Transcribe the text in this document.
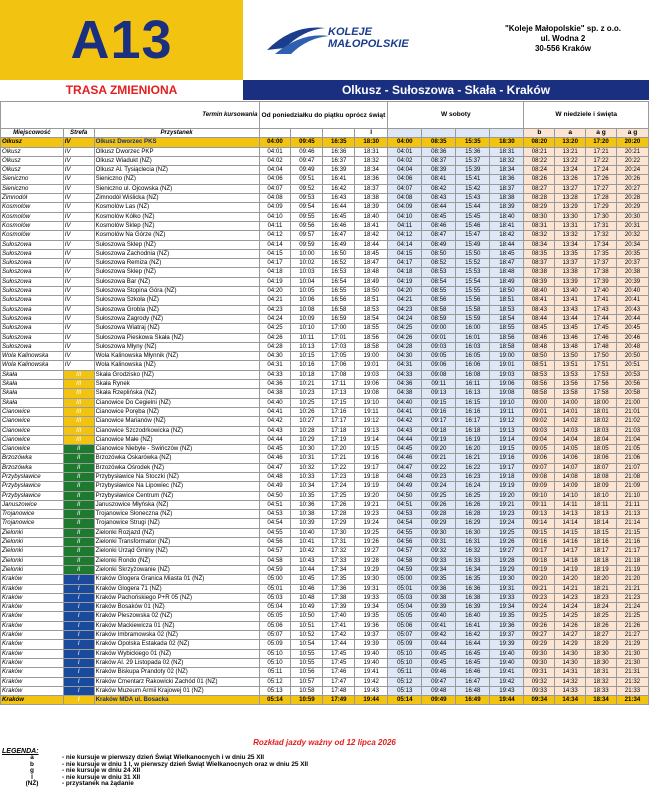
A13	KOLEJE MAŁOPOLSKIE
"Koleje Małopolskie" sp. z o.o.
ul. Wodna 2
30-556 Kraków
TRASA ZMIENIONA	Olkusz - Sułoszowa - Skała - Kraków
Termin kursowania			Od poniedziałku do piątku oprócz świąt				W soboty				W niedziele i święta			
Miejscowość	Strefa	Przystanek				l					b	a	a g	a g
Olkusz	IV	Olkusz Dworzec PKS	04:00	09:45	16:35	18:30	04:00	08:35	15:35	18:30	08:20	13:20	17:20	20:20
Olkusz	IV	Olkusz Dworzec PKP	04:01	09:46	16:36	18:31	04:01	08:36	15:36	18:31	08:21	13:21	17:21	20:21
Olkusz	IV	Olkusz Wiadukt (NŻ)	04:02	09:47	16:37	18:32	04:02	08:37	15:37	18:32	08:22	13:22	17:22	20:22
Olkusz	IV	Olkusz Al. Tysiąclecia (NŻ)	04:04	09:49	16:39	18:34	04:04	08:39	15:39	18:34	08:24	13:24	17:24	20:24
Sieniczno	IV	Sieniczno (NŻ)	04:06	09:51	16:41	18:36	04:06	08:41	15:41	18:36	08:26	13:26	17:26	20:26
Sieniczno	IV	Sieniczno ul. Ojcowska (NŻ)	04:07	09:52	16:42	18:37	04:07	08:42	15:42	18:37	08:27	13:27	17:27	20:27
Zimnodół	IV	Zimnodół Wiślicka (NŻ)	04:08	09:53	16:43	18:38	04:08	08:43	15:43	18:38	08:28	13:28	17:28	20:28
Kosmolów	IV	Kosmolów Las (NŻ)	04:09	09:54	16:44	18:39	04:09	08:44	15:44	18:39	08:29	13:29	17:29	20:29
Kosmolów	IV	Kosmolów Kółko (NŻ)	04:10	09:55	16:45	18:40	04:10	08:45	15:45	18:40	08:30	13:30	17:30	20:30
Kosmolów	IV	Kosmolów Sklep (NŻ)	04:11	09:56	16:46	18:41	04:11	08:46	15:46	18:41	08:31	13:31	17:31	20:31
Kosmolów	IV	Kosmolów Na Górze (NŻ)	04:12	09:57	16:47	18:42	04:12	08:47	15:47	18:42	08:32	13:32	17:32	20:32
Sułoszowa	IV	Sułoszowa Sklep (NŻ)	04:14	09:59	16:49	18:44	04:14	08:49	15:49	18:44	08:34	13:34	17:34	20:34
Sułoszowa	IV	Sułoszowa Zachodnia (NŻ)	04:15	10:00	16:50	18:45	04:15	08:50	15:50	18:45	08:35	13:35	17:35	20:35
Sułoszowa	IV	Sułoszowa Remiza (NŻ)	04:17	10:02	16:52	18:47	04:17	08:52	15:52	18:47	08:37	13:37	17:37	20:37
Sułoszowa	IV	Sułoszowa Sklep (NŻ)	04:18	10:03	16:53	18:48	04:18	08:53	15:53	18:48	08:38	13:38	17:38	20:38
Sułoszowa	IV	Sułoszowa Bar (NŻ)	04:19	10:04	16:54	18:49	04:19	08:54	15:54	18:49	08:39	13:39	17:39	20:39
Sułoszowa	IV	Sułoszowa Stopina Góra (NŻ)	04:20	10:05	16:55	18:50	04:20	08:55	15:55	18:50	08:40	13:40	17:40	20:40
Sułoszowa	IV	Sułoszowa Szkoła (NŻ)	04:21	10:06	16:56	18:51	04:21	08:56	15:56	18:51	08:41	13:41	17:41	20:41
Sułoszowa	IV	Sułoszowa Grobla (NŻ)	04:23	10:08	16:58	18:53	04:23	08:58	15:58	18:53	08:43	13:43	17:43	20:43
Sułoszowa	IV	Sułoszowa Zagrody (NŻ)	04:24	10:09	16:59	18:54	04:24	08:59	15:59	18:54	08:44	13:44	17:44	20:44
Sułoszowa	IV	Sułoszowa Wiatraj (NŻ)	04:25	10:10	17:00	18:55	04:25	09:00	16:00	18:55	08:45	13:45	17:45	20:45
Sułoszowa	IV	Sułoszowa Pieskowa Skała (NŻ)	04:26	10:11	17:01	18:56	04:26	09:01	16:01	18:56	08:46	13:46	17:46	20:46
Sułoszowa	IV	Sułoszowa Młyny (NŻ)	04:28	10:13	17:03	18:58	04:28	09:03	16:03	18:58	08:48	13:48	17:48	20:48
Wola Kalinowska	IV	Wola Kalinowska Młynnik (NŻ)	04:30	10:15	17:05	19:00	04:30	09:05	16:05	19:00	08:50	13:50	17:50	20:50
Wola Kalinowska	IV	Wola Kalinowska (NŻ)	04:31	10:16	17:06	19:01	04:31	09:06	16:06	19:01	08:51	13:51	17:51	20:51
Skała	III	Skała Grodzisko (NŻ)	04:33	10:18	17:08	19:03	04:33	09:08	16:08	19:03	08:53	13:53	17:53	20:53
Skała	III	Skała Rynek	04:36	10:21	17:11	19:06	04:36	09:11	16:11	19:06	08:56	13:56	17:56	20:56
Skała	III	Skała Rzeplińska (NŻ)	04:38	10:23	17:13	19:08	04:38	09:13	16:13	19:08	08:58	13:58	17:58	20:58
Skała	III	Cianowice Do Cegielni (NŻ)	04:40	10:25	17:15	19:10	04:40	09:15	16:15	19:10	09:00	14:00	18:00	21:00
Cianowice	III	Cianowice Poręba (NŻ)	04:41	10:26	17:16	19:11	04:41	09:16	16:16	19:11	09:01	14:01	18:01	21:01
Cianowice	III	Cianowice Marianów (NŻ)	04:42	10:27	17:17	19:12	04:42	09:17	16:17	19:12	09:02	14:02	18:02	21:02
Cianowice	III	Cianowice Szczodrkowicka (NŻ)	04:43	10:28	17:18	19:13	04:43	09:18	16:18	19:13	09:03	14:03	18:03	21:03
Cianowice	III	Cianowice Małe (NŻ)	04:44	10:29	17:19	19:14	04:44	09:19	16:19	19:14	09:04	14:04	18:04	21:04
Cianowice	II	Cianowice Niebyle - Świńczów (NŻ)	04:45	10:30	17:20	19:15	04:45	09:20	16:20	19:15	09:05	14:05	18:05	21:05
Brzozówka	II	Brzozówka Oskarówka (NŻ)	04:46	10:31	17:21	19:16	04:46	09:21	16:21	19:16	09:06	14:06	18:06	21:06
Brzozówka	II	Brzozówka Ośrodek (NŻ)	04:47	10:32	17:22	19:17	04:47	09:22	16:22	19:17	09:07	14:07	18:07	21:07
Przybysławice	II	Przybysławice Na Stoczki (NŻ)	04:48	10:33	17:23	19:18	04:48	09:23	16:23	19:18	09:08	14:08	18:08	21:08
Przybysławice	II	Przybysławice Na Lipowiec (NŻ)	04:49	10:34	17:24	19:19	04:49	09:24	16:24	19:19	09:09	14:09	18:09	21:09
Przybysławice	II	Przybysławice Centrum (NŻ)	04:50	10:35	17:25	19:20	04:50	09:25	16:25	19:20	09:10	14:10	18:10	21:10
Januszowice	II	Januszowice Młyńska (NŻ)	04:51	10:36	17:26	19:21	04:51	09:26	16:26	19:21	09:11	14:11	18:11	21:11
Trojanowice	II	Trojanowice Słoneczna (NŻ)	04:53	10:38	17:28	19:23	04:53	09:28	16:28	19:23	09:13	14:13	18:13	21:13
Trojanowice	II	Trojanowice Strugi (NŻ)	04:54	10:39	17:29	19:24	04:54	09:29	16:29	19:24	09:14	14:14	18:14	21:14
Zielonki	II	Zielonki Rozjazd (NŻ)	04:55	10:40	17:30	19:25	04:55	09:30	16:30	19:25	09:15	14:15	18:15	21:15
Zielonki	II	Zielonki Transformator (NŻ)	04:56	10:41	17:31	19:26	04:56	09:31	16:31	19:26	09:16	14:16	18:16	21:16
Zielonki	II	Zielonki Urząd Gminy (NŻ)	04:57	10:42	17:32	19:27	04:57	09:32	16:32	19:27	09:17	14:17	18:17	21:17
Zielonki	II	Zielonki Rondo (NŻ)	04:58	10:43	17:33	19:28	04:58	09:33	16:33	19:28	09:18	14:18	18:18	21:18
Zielonki	II	Zielonki Skrzyżowanie (NŻ)	04:59	10:44	17:34	19:29	04:59	09:34	16:34	19:29	09:19	14:19	18:19	21:19
Kraków	I	Kraków Glogera Granica Miasta 01 (NŻ)	05:00	10:45	17:35	19:30	05:00	09:35	16:35	19:30	09:20	14:20	18:20	21:20
Kraków	I	Kraków Glogera 71 (NŻ)	05:01	10:46	17:36	19:31	05:01	09:36	16:36	19:31	09:21	14:21	18:21	21:21
Kraków	I	Kraków Pachońskiego P+R 05 (NŻ)	05:03	10:48	17:38	19:33	05:03	09:38	16:38	19:33	09:23	14:23	18:23	21:23
Kraków	I	Kraków Bosaków 01 (NŻ)	05:04	10:49	17:39	19:34	05:04	09:39	16:39	19:34	09:24	14:24	18:24	21:24
Kraków	I	Kraków Pleszowska 02 (NŻ)	05:05	10:50	17:40	19:35	05:05	09:40	16:40	19:35	09:25	14:25	18:25	21:25
Kraków	I	Kraków Mackiewicza 01 (NŻ)	05:06	10:51	17:41	19:36	05:06	09:41	16:41	19:36	09:26	14:26	18:26	21:26
Kraków	I	Kraków Imbramowska 02 (NŻ)	05:07	10:52	17:42	19:37	05:07	09:42	16:42	19:37	09:27	14:27	18:27	21:27
Kraków	I	Kraków Opolska Estakada 02 (NŻ)	05:09	10:54	17:44	19:39	05:09	09:44	16:44	19:39	09:29	14:29	18:29	21:29
Kraków	I	Kraków Wybickiego 01 (NŻ)	05:10	10:55	17:45	19:40	05:10	09:45	16:45	19:40	09:30	14:30	18:30	21:30
Kraków	I	Kraków Al. 29 Listopada 02 (NŻ)	05:10	10:55	17:45	19:40	05:10	09:45	16:45	19:40	09:30	14:30	18:30	21:30
Kraków	I	Kraków Biskupa Prandoty 02 (NŻ)	05:11	10:56	17:46	19:41	05:11	09:46	16:46	19:41	09:31	14:31	18:31	21:31
Kraków	I	Kraków Cmentarz Rakowicki Zachód 01 (NŻ)	05:12	10:57	17:47	19:42	05:12	09:47	16:47	19:42	09:32	14:32	18:32	21:32
Kraków	I	Kraków Muzeum Armii Krajowej 01 (NŻ)	05:13	10:58	17:48	19:43	05:13	09:48	16:48	19:43	09:33	14:33	18:33	21:33
Kraków	I	Kraków MDA ul. Bosacka	05:14	10:59	17:49	19:44	05:14	09:49	16:49	19:44	09:34	14:34	18:34	21:34
Rozkład jazdy ważny od 12 lipca 2026
LEGENDA:
a	- nie kursuje w pierwszy dzień Świąt Wielkanocnych i w dniu 25 XII
b	- nie kursuje w dniu 1 I, w pierwszy dzień Świąt Wielkanocnych oraz w dniu 25 XII
g	- nie kursuje w dniu 24 XII
l	- nie kursuje w dniu 31 XII
(NŻ)	- przystanek na żądanie
